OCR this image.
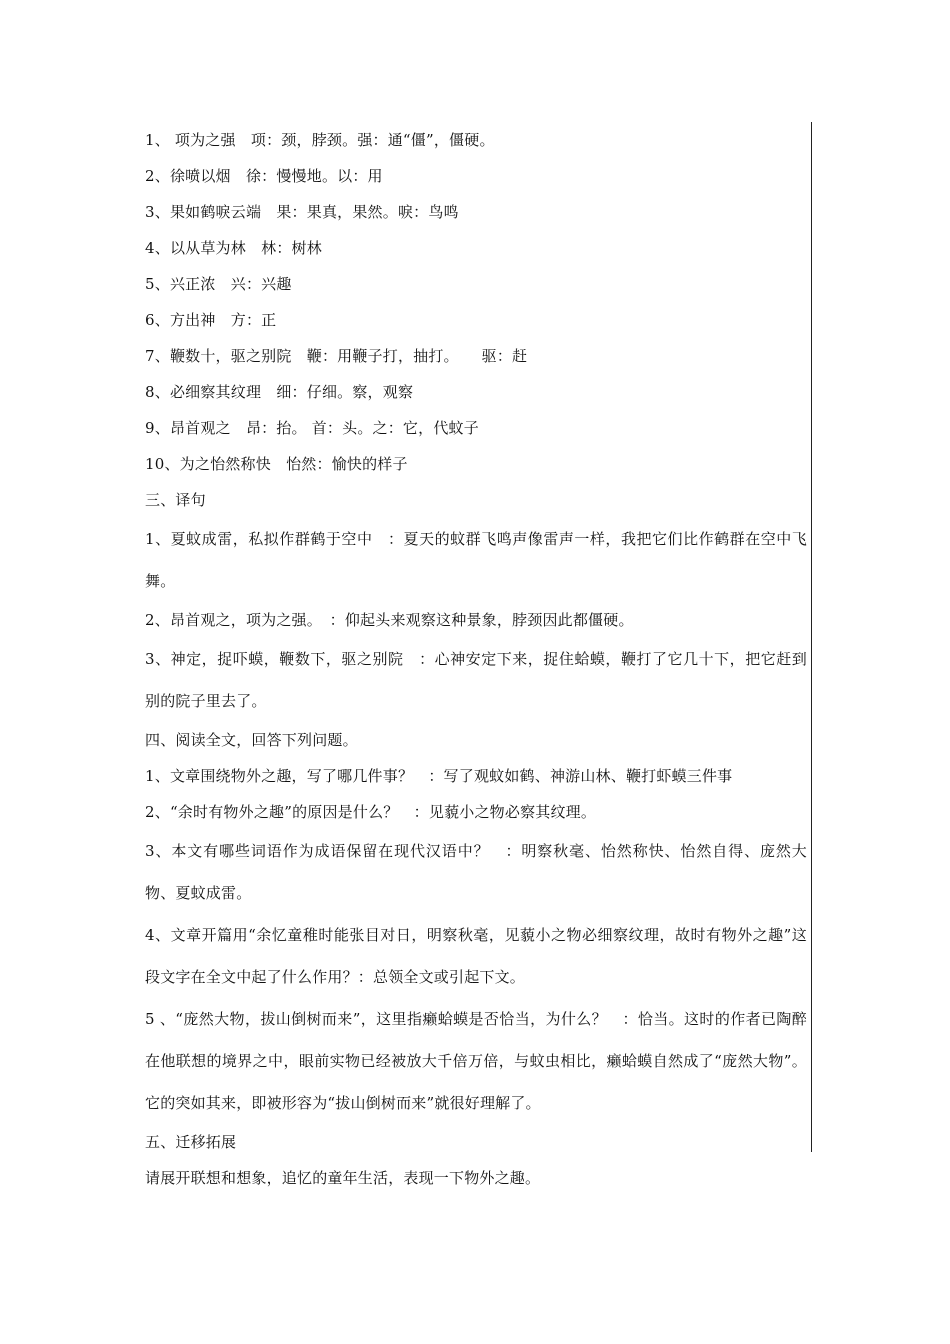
1、 项为之强　项：颈，脖颈。强：通“僵”，僵硬。
2、徐喷以烟　徐：慢慢地。以：用
3、果如鹤唳云端　果：果真，果然。唳：鸟鸣
4、以从草为林　林：树林
5、兴正浓　兴：兴趣
6、方出神　方：正
7、鞭数十，驱之别院　鞭：用鞭子打，抽打。　　驱：赶
8、必细察其纹理　细：仔细。察，观察
9、昂首观之　昂：抬。 首：头。之：它，代蚊子
10、为之怡然称快　怡然：愉快的样子
三、译句
1、夏蚊成雷，私拟作群鹤于空中　：夏天的蚊群飞鸣声像雷声一样，我把它们比作鹤群在空中飞舞。
2、昂首观之，项为之强。　：仰起头来观察这种景象，脖颈因此都僵硬。
3、神定，捉吓蟆，鞭数下，驱之别院　：心神安定下来，捉住蛤蟆，鞭打了它几十下，把它赶到别的院子里去了。
四、阅读全文，回答下列问题。
1、文章围绕物外之趣，写了哪几件事？　：写了观蚊如鹤、神游山林、鞭打虾蟆三件事
2、“余时有物外之趣”的原因是什么？　：见藐小之物必察其纹理。
3、本文有哪些词语作为成语保留在现代汉语中？　：明察秋毫、怡然称快、怡然自得、庞然大物、夏蚊成雷。
4、文章开篇用“余忆童稚时能张目对日，明察秋毫，见藐小之物必细察纹理，故时有物外之趣”这段文字在全文中起了什么作用？：总领全文或引起下文。
5 、“庞然大物，拔山倒树而来”，这里指癞蛤蟆是否恰当，为什么？　：恰当。这时的作者已陶醉在他联想的境界之中，眼前实物已经被放大千倍万倍，与蚊虫相比，癞蛤蟆自然成了“庞然大物”。它的突如其来，即被形容为“拔山倒树而来”就很好理解了。
五、迁移拓展
请展开联想和想象，追忆的童年生活，表现一下物外之趣。
